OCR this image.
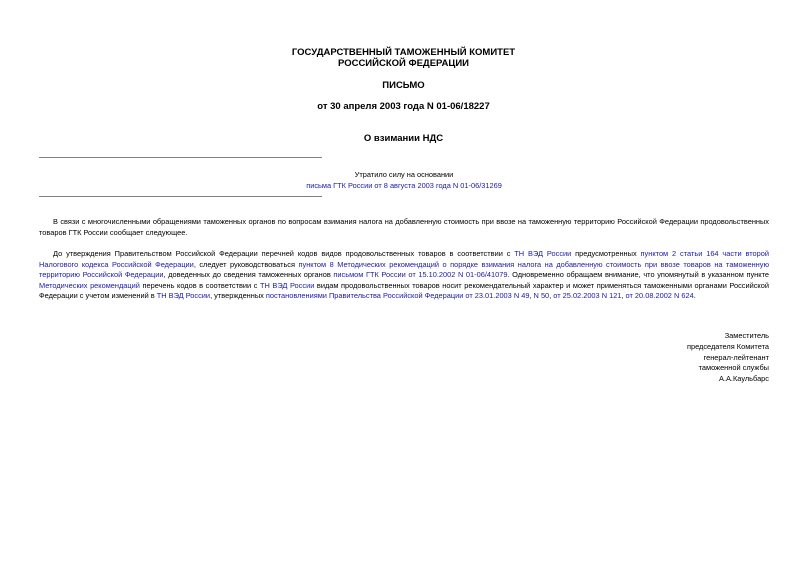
ГОСУДАРСТВЕННЫЙ ТАМОЖЕННЫЙ КОМИТЕТ
РОССИЙСКОЙ ФЕДЕРАЦИИ
ПИСЬМО
от 30 апреля 2003 года N 01-06/18227
О взимании НДС
Утратило силу на основании
письма ГТК России от 8 августа 2003 года N 01-06/31269
В связи с многочисленными обращениями таможенных органов по вопросам взимания налога на добавленную стоимость при ввозе на таможенную территорию Российской Федерации продовольственных товаров ГТК России сообщает следующее.
До утверждения Правительством Российской Федерации перечней кодов видов продовольственных товаров в соответствии с ТН ВЭД России предусмотренных пунктом 2 статьи 164 части второй Налогового кодекса Российской Федерации, следует руководствоваться пунктом 8 Методических рекомендаций о порядке взимания налога на добавленную стоимость при ввозе товаров на таможенную территорию Российской Федерации, доведенных до сведения таможенных органов письмом ГТК России от 15.10.2002 N 01-06/41079. Одновременно обращаем внимание, что упомянутый в указанном пункте Методических рекомендаций перечень кодов в соответствии с ТН ВЭД России видам продовольственных товаров носит рекомендательный характер и может применяться таможенными органами Российской Федерации с учетом изменений в ТН ВЭД России, утвержденных постановлениями Правительства Российской Федерации от 23.01.2003 N 49, N 50, от 25.02.2003 N 121, от 20.08.2002 N 624.
Заместитель
председателя Комитета
генерал-лейтенант
таможенной службы
А.А.Каульбарс
